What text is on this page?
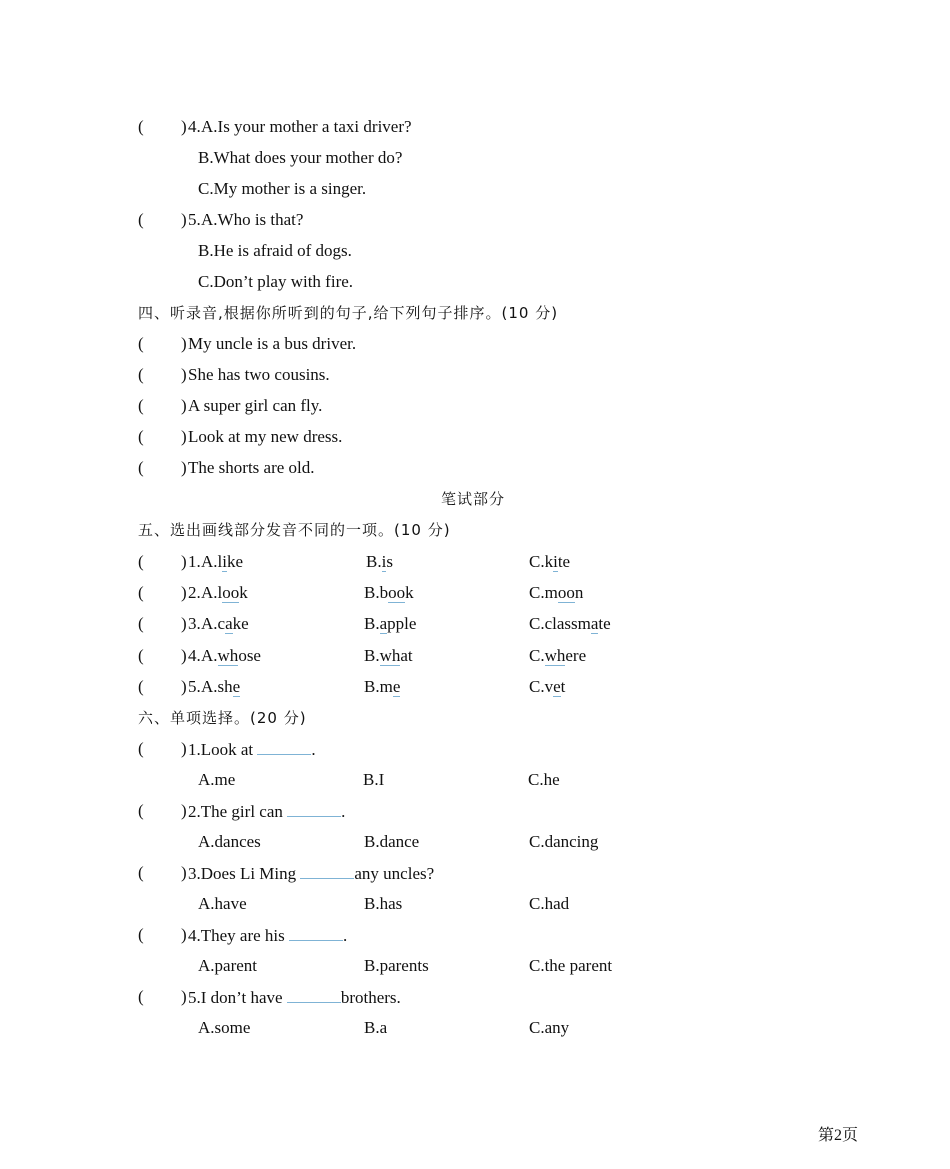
( ) 4. A.Is your mother a taxi driver?
B.What does your mother do?
C.My mother is a singer.
( ) 5. A.Who is that?
B.He is afraid of dogs.
C.Don’t play with fire.
四、听录音,根据你所听到的句子,给下列句子排序。(10 分)
( ) My uncle is a bus driver.
( ) She has two cousins.
( ) A super girl can fly.
( ) Look at my new dress.
( ) The shorts are old.
笔试部分
五、选出画线部分发音不同的一项。(10 分)
( ) 1. A.like	B.is	C.kite
( ) 2. A.look	B.book	C.moon
( ) 3. A.cake	B.apple	C.classmate
( ) 4. A.whose	B.what	C.where
( ) 5. A.she	B.me	C.vet
六、单项选择。(20 分)
( ) 1.Look at	.
A.me	B.I	C.he
( ) 2.The girl can	.
A.dances	B.dance	C.dancing
( ) 3.Does Li Ming	any uncles?
A.have	B.has	C.had
( ) 4.They are his	.
A.parent	B.parents	C.the parent
( ) 5.I don’t have	brothers.
A.some	B.a	C.any
第2页
